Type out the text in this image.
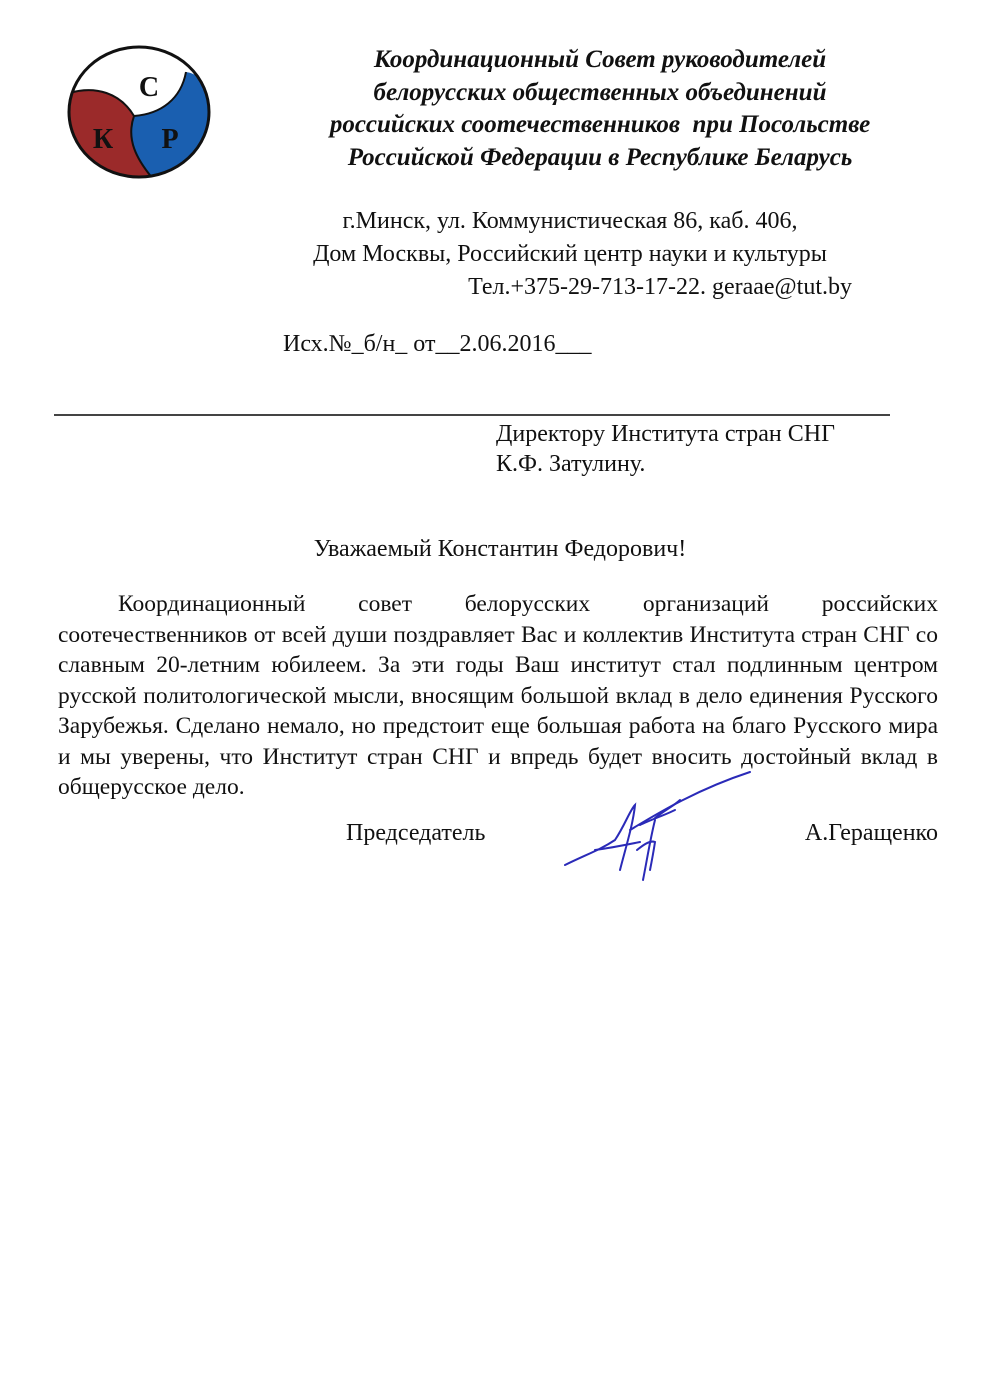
С
К Р
Координационный Совет руководителей
белорусских общественных объединений
российских соотечественников  при Посольстве
Российской Федерации в Республике Беларусь
г.Минск, ул. Коммунистическая 86, каб. 406,
Дом Москвы, Российский центр науки и культуры
Тел.+375-29-713-17-22. geraae@tut.by
Исх.№_б/н_ от__2.06.2016___
Директору Института стран СНГ
К.Ф. Затулину.
Уважаемый Константин Федорович!

Координационный совет белорусских организаций российских соотечественников от всей души поздравляет Вас и коллектив Института стран СНГ со славным 20-летним юбилеем. За эти годы Ваш институт стал подлинным центром русской политологической мысли, вносящим большой вклад в дело единения Русского Зарубежья. Сделано немало, но предстоит еще большая работа на благо Русского мира и мы уверены, что Институт стран СНГ и впредь будет вносить достойный вклад в общерусское дело.

Председатель	А.Геращенко
